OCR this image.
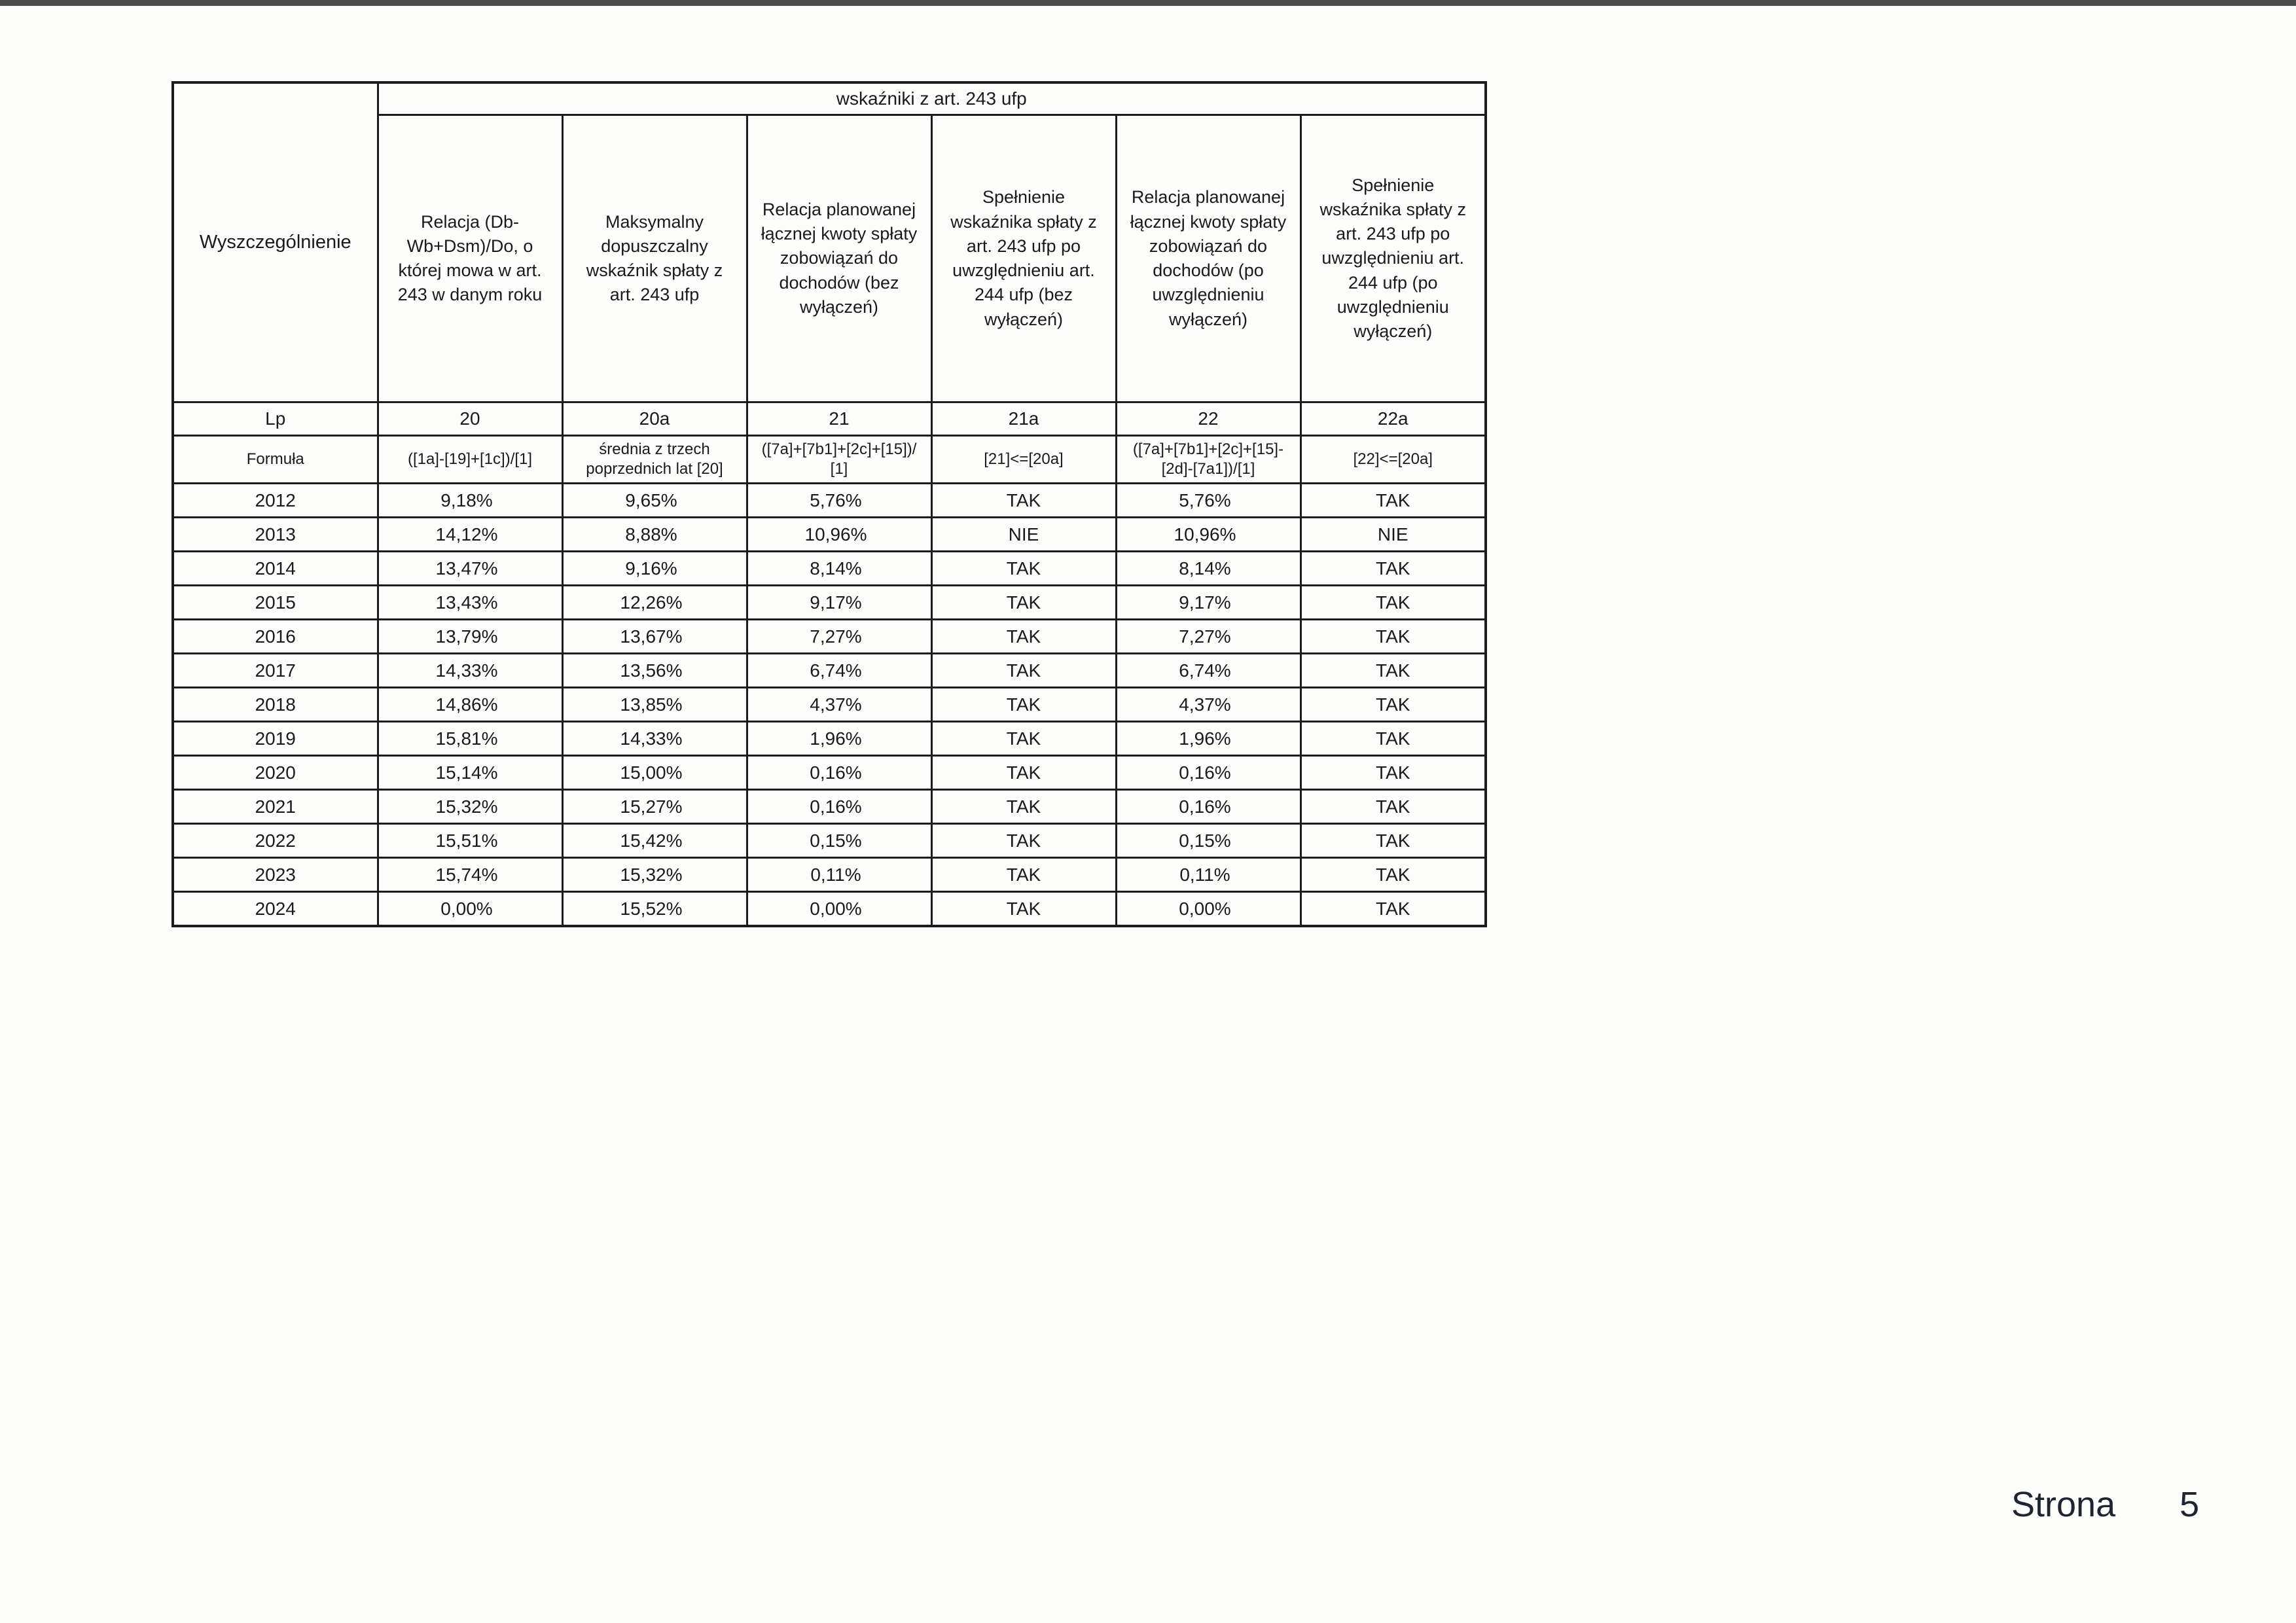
Wyszczególnienie	wskaźniki z art. 243 ufp					
	Relacja (Db-Wb+Dsm)/Do, o której mowa w art. 243 w danym roku	Maksymalny dopuszczalny wskaźnik spłaty z art. 243 ufp	Relacja planowanej łącznej kwoty spłaty zobowiązań do dochodów (bez wyłączeń)	Spełnienie wskaźnika spłaty z art. 243 ufp po uwzględnieniu art. 244 ufp (bez wyłączeń)	Relacja planowanej łącznej kwoty spłaty zobowiązań do dochodów (po uwzględnieniu wyłączeń)	Spełnienie wskaźnika spłaty z art. 243 ufp po uwzględnieniu art. 244 ufp (po uwzględnieniu wyłączeń)
Lp	20	20a	21	21a	22	22a
Formuła	([1a]-[19]+[1c])/[1]	średnia z trzech poprzednich lat [20]	([7a]+[7b1]+[2c]+[15])/ [1]	[21]<=[20a]	([7a]+[7b1]+[2c]+[15]- [2d]-[7a1])/[1]	[22]<=[20a]
2012	9,18%	9,65%	5,76%	TAK	5,76%	TAK
2013	14,12%	8,88%	10,96%	NIE	10,96%	NIE
2014	13,47%	9,16%	8,14%	TAK	8,14%	TAK
2015	13,43%	12,26%	9,17%	TAK	9,17%	TAK
2016	13,79%	13,67%	7,27%	TAK	7,27%	TAK
2017	14,33%	13,56%	6,74%	TAK	6,74%	TAK
2018	14,86%	13,85%	4,37%	TAK	4,37%	TAK
2019	15,81%	14,33%	1,96%	TAK	1,96%	TAK
2020	15,14%	15,00%	0,16%	TAK	0,16%	TAK
2021	15,32%	15,27%	0,16%	TAK	0,16%	TAK
2022	15,51%	15,42%	0,15%	TAK	0,15%	TAK
2023	15,74%	15,32%	0,11%	TAK	0,11%	TAK
2024	0,00%	15,52%	0,00%	TAK	0,00%	TAK
Strona 5
